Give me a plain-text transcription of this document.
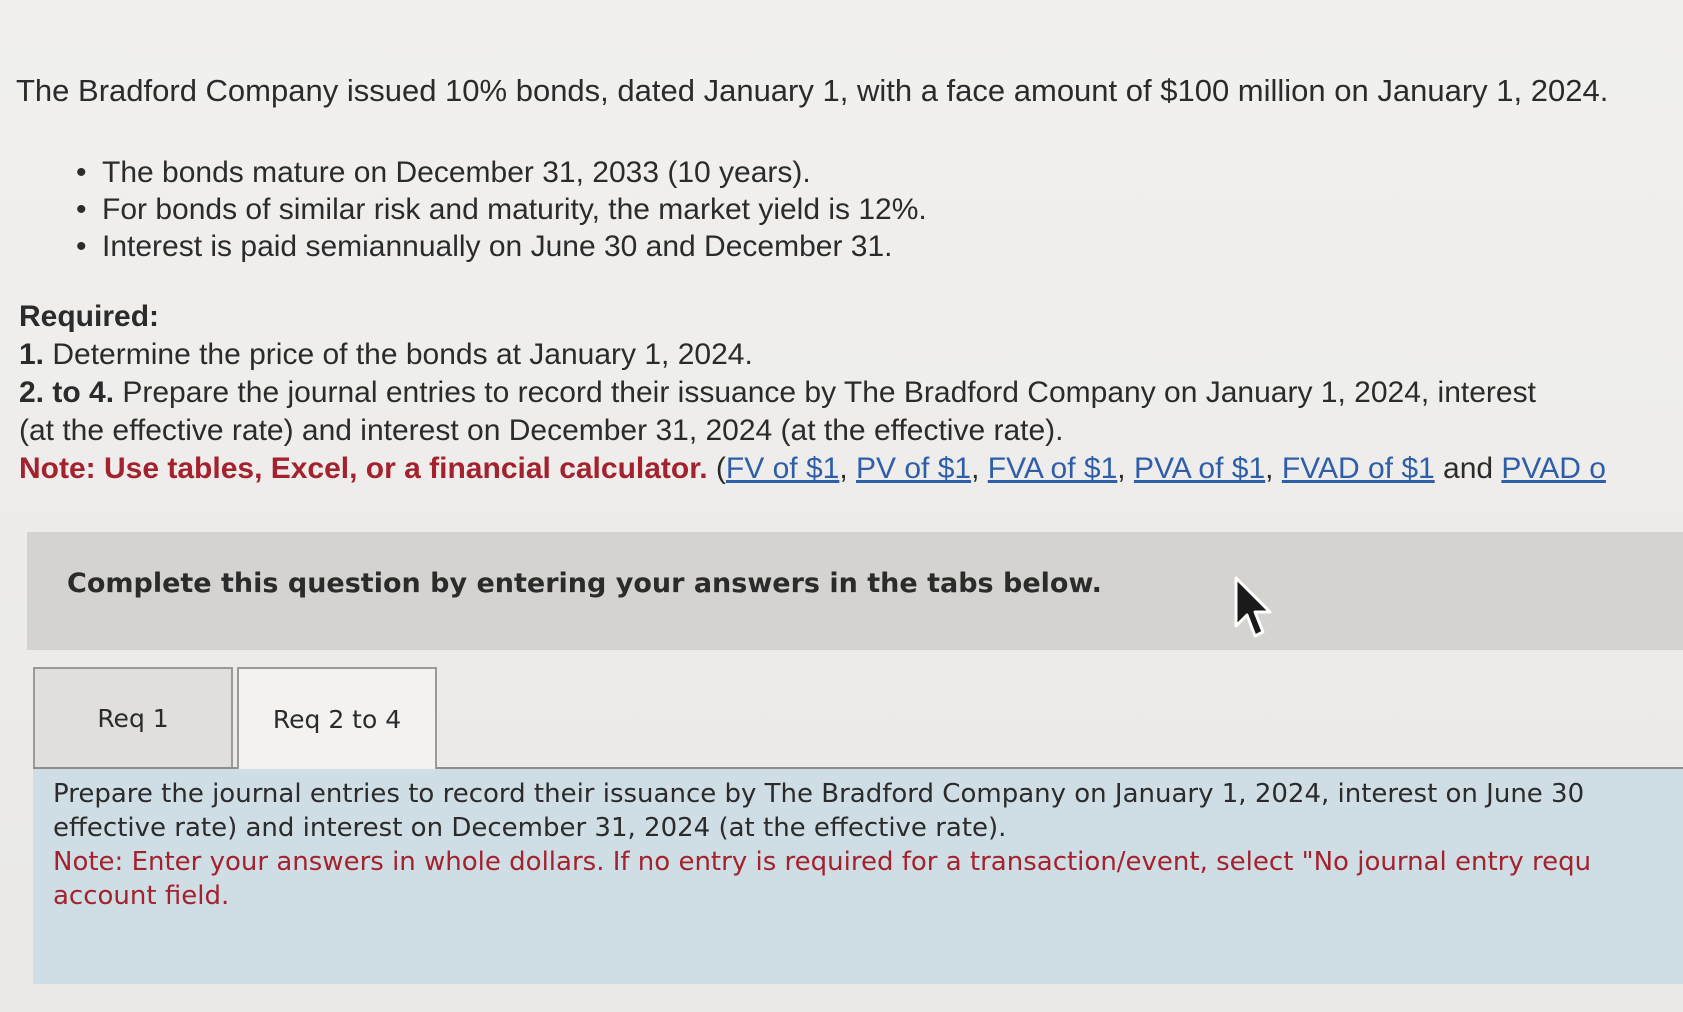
The Bradford Company issued 10% bonds, dated January 1, with a face amount of $100 million on January 1, 2024.
• The bonds mature on December 31, 2033 (10 years).
• For bonds of similar risk and maturity, the market yield is 12%.
• Interest is paid semiannually on June 30 and December 31.
Required:
1. Determine the price of the bonds at January 1, 2024.
2. to 4. Prepare the journal entries to record their issuance by The Bradford Company on January 1, 2024, interest
(at the effective rate) and interest on December 31, 2024 (at the effective rate).
Note: Use tables, Excel, or a financial calculator. (FV of $1, PV of $1, FVA of $1, PVA of $1, FVAD of $1 and PVAD o
Complete this question by entering your answers in the tabs below.
Req 1	Req 2 to 4
Prepare the journal entries to record their issuance by The Bradford Company on January 1, 2024, interest on June 30
effective rate) and interest on December 31, 2024 (at the effective rate).
Note: Enter your answers in whole dollars. If no entry is required for a transaction/event, select "No journal entry requ
account field.
